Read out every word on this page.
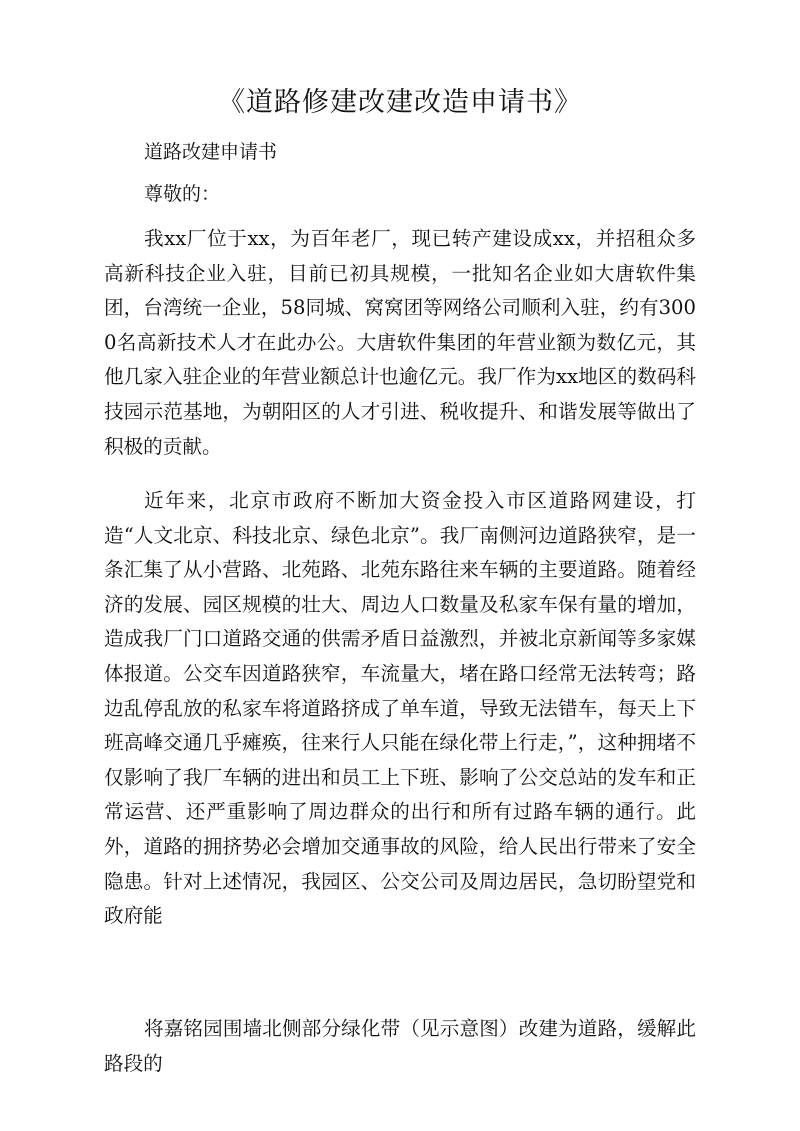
《道路修建改建改造申请书》

道路改建申请书

尊敬的：

我xx厂位于xx，为百年老厂，现已转产建设成xx，并招租众多高新科技企业入驻，目前已初具规模，一批知名企业如大唐软件集团，台湾统一企业，58同城、窝窝团等网络公司顺利入驻，约有3000名高新技术人才在此办公。大唐软件集团的年营业额为数亿元，其他几家入驻企业的年营业额总计也逾亿元。我厂作为xx地区的数码科技园示范基地，为朝阳区的人才引进、税收提升、和谐发展等做出了积极的贡献。

近年来，北京市政府不断加大资金投入市区道路网建设，打造“人文北京、科技北京、绿色北京”。我厂南侧河边道路狭窄，是一条汇集了从小营路、北苑路、北苑东路往来车辆的主要道路。随着经济的发展、园区规模的壮大、周边人口数量及私家车保有量的增加，造成我厂门口道路交通的供需矛盾日益激烈，并被北京新闻等多家媒体报道。公交车因道路狭窄，车流量大，堵在路口经常无法转弯；路边乱停乱放的私家车将道路挤成了单车道，导致无法错车，每天上下班高峰交通几乎瘫痪，往来行人只能在绿化带上行走，”，这种拥堵不仅影响了我厂车辆的进出和员工上下班、影响了公交总站的发车和正常运营、还严重影响了周边群众的出行和所有过路车辆的通行。此外，道路的拥挤势必会增加交通事故的风险，给人民出行带来了安全隐患。针对上述情况，我园区、公交公司及周边居民，急切盼望党和政府能

将嘉铭园围墙北侧部分绿化带（见示意图）改建为道路，缓解此路段的
